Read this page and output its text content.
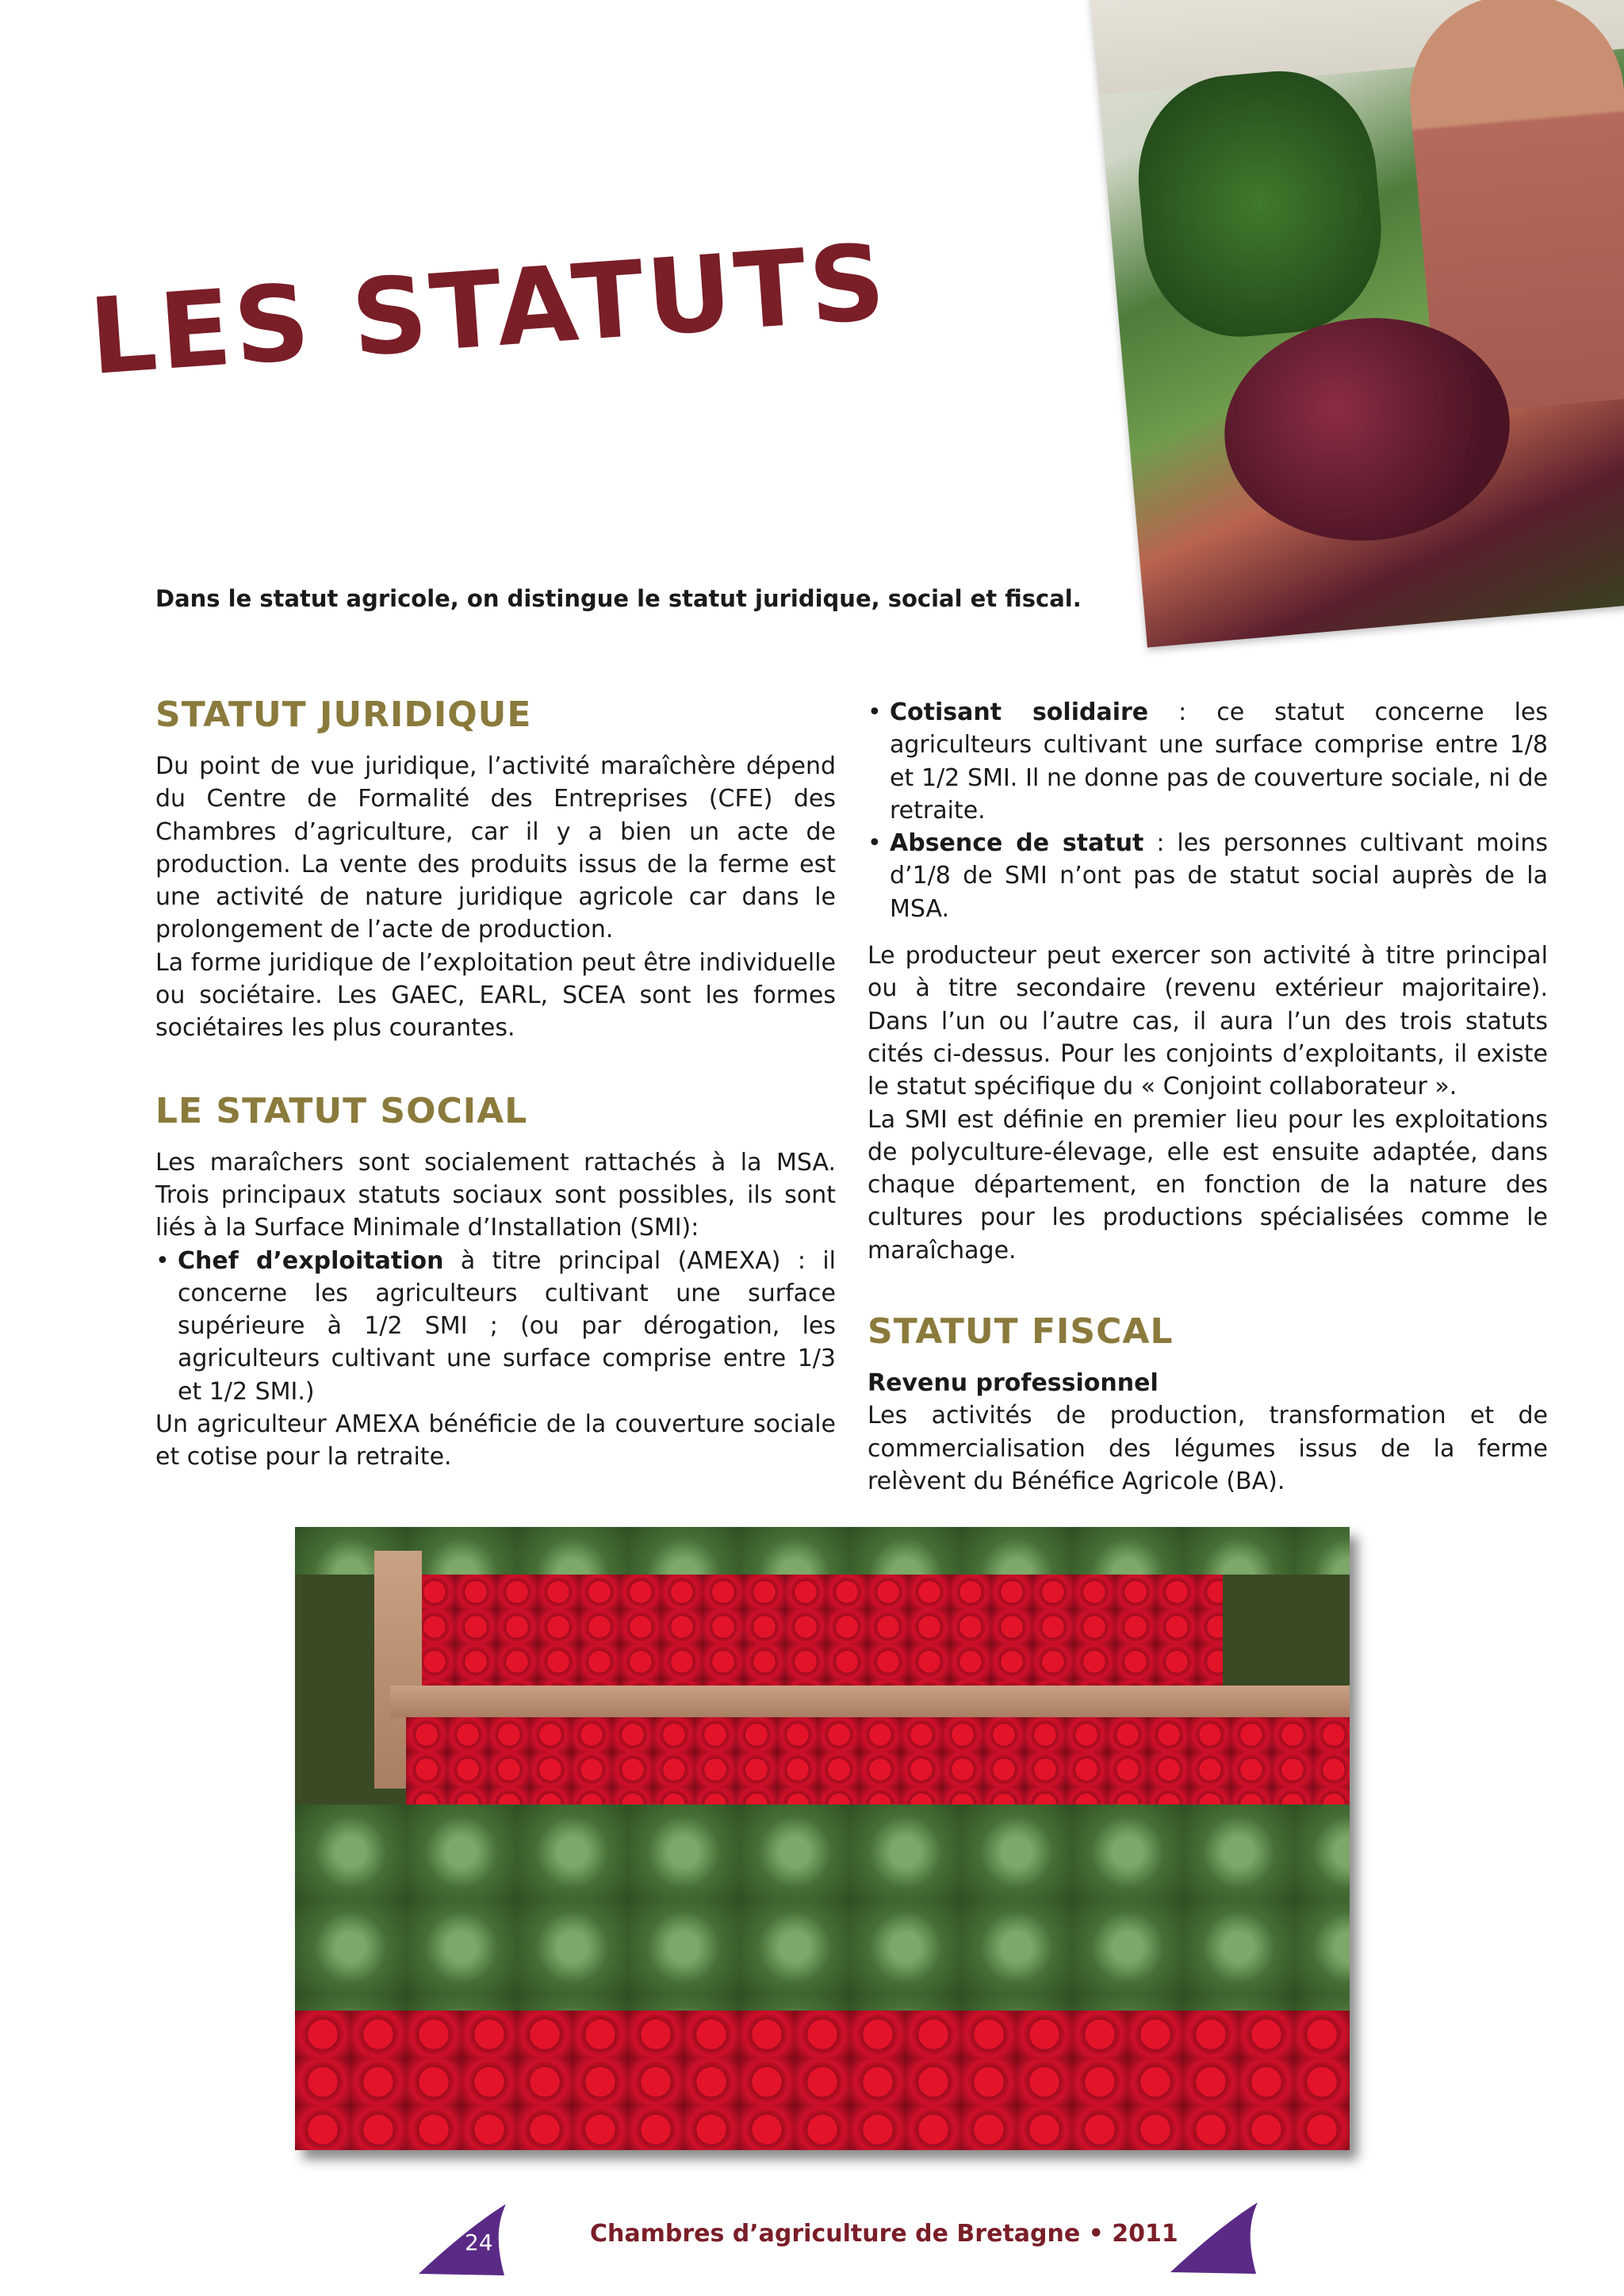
LES STATUTS
Dans le statut agricole, on distingue le statut juridique, social et fiscal.
STATUT JURIDIQUE

Du point de vue juridique, l’activité maraîchère dépend du Centre de Formalité des Entreprises (CFE) des Chambres d’agriculture, car il y a bien un acte de production. La vente des produits issus de la ferme est une activité de nature juridique agricole car dans le prolongement de l’acte de production.

La forme juridique de l’exploitation peut être individuelle ou sociétaire. Les GAEC, EARL, SCEA sont les formes sociétaires les plus courantes.

LE STATUT SOCIAL

Les maraîchers sont socialement rattachés à la MSA. Trois principaux statuts sociaux sont possibles, ils sont liés à la Surface Minimale d’Installation (SMI):

• Chef d’exploitation à titre principal (AMEXA) : il concerne les agriculteurs cultivant une surface supérieure à 1/2 SMI ; (ou par dérogation, les agriculteurs cultivant une surface comprise entre 1/3 et 1/2 SMI.)

Un agriculteur AMEXA bénéficie de la couverture sociale et cotise pour la retraite.

• Cotisant solidaire : ce statut concerne les agriculteurs cultivant une surface comprise entre 1/8 et 1/2 SMI. Il ne donne pas de couverture sociale, ni de retraite.

• Absence de statut : les personnes cultivant moins d’1/8 de SMI n’ont pas de statut social auprès de la MSA.

Le producteur peut exercer son activité à titre principal ou à titre secondaire (revenu extérieur majoritaire). Dans l’un ou l’autre cas, il aura l’un des trois statuts cités ci-dessus. Pour les conjoints d’exploitants, il existe le statut spécifique du « Conjoint collaborateur ».

La SMI est définie en premier lieu pour les exploitations de polyculture-élevage, elle est ensuite adaptée, dans chaque département, en fonction de la nature des cultures pour les productions spécialisées comme le maraîchage.

STATUT FISCAL

Revenu professionnel

Les activités de production, transformation et de commercialisation des légumes issus de la ferme relèvent du Bénéfice Agricole (BA).

24	Chambres d’agriculture de Bretagne • 2011
